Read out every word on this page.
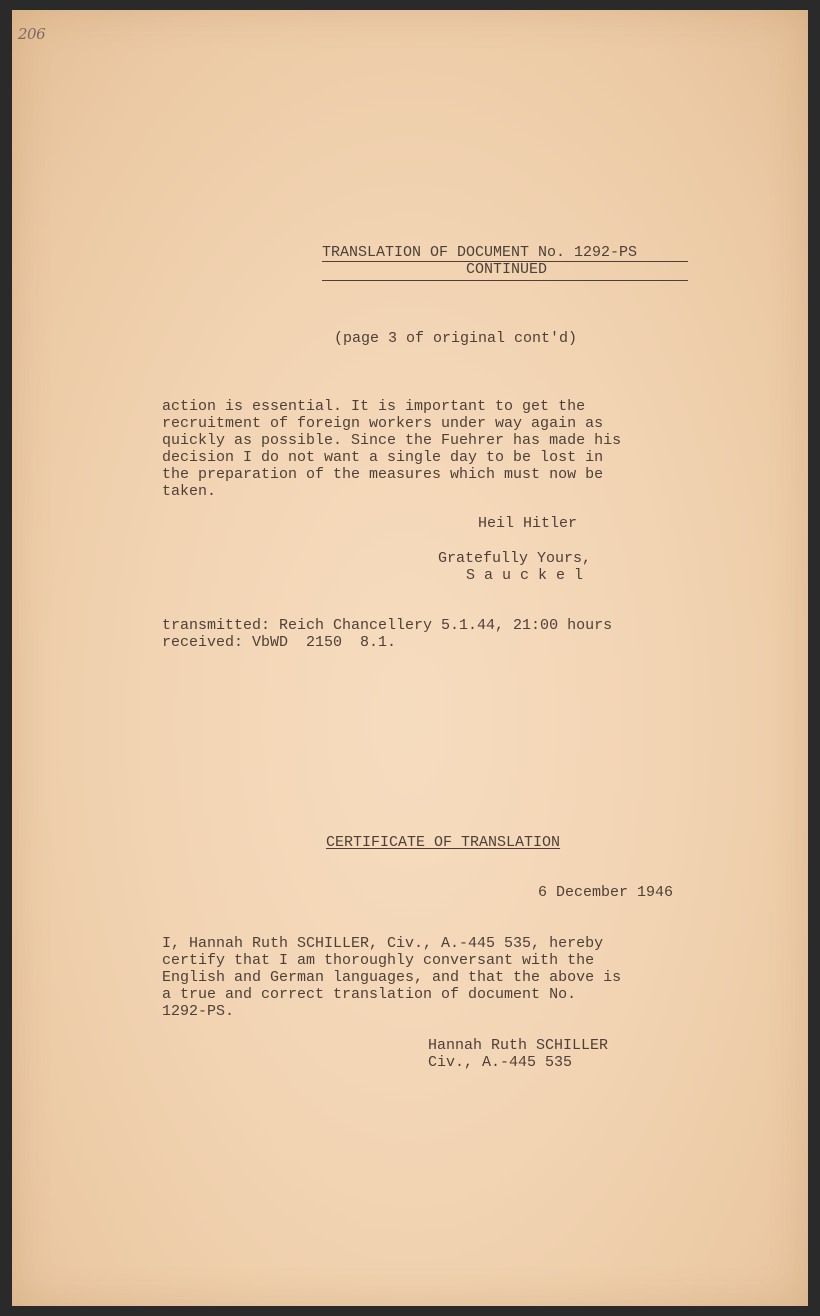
206

TRANSLATION OF DOCUMENT No. 1292-PS

CONTINUED

(page 3 of original cont'd)

action is essential. It is important to get the

recruitment of foreign workers under way again as

quickly as possible. Since the Fuehrer has made his

decision I do not want a single day to be lost in

the preparation of the measures which must now be

taken.

Heil Hitler

Gratefully Yours,

S a u c k e l

transmitted: Reich Chancellery 5.1.44, 21:00 hours

received: VbWD  2150  8.1.

CERTIFICATE OF TRANSLATION

6 December 1946

I, Hannah Ruth SCHILLER, Civ., A.-445 535, hereby

certify that I am thoroughly conversant with the

English and German languages, and that the above is

a true and correct translation of document No.

1292-PS.

Hannah Ruth SCHILLER

Civ., A.-445 535
